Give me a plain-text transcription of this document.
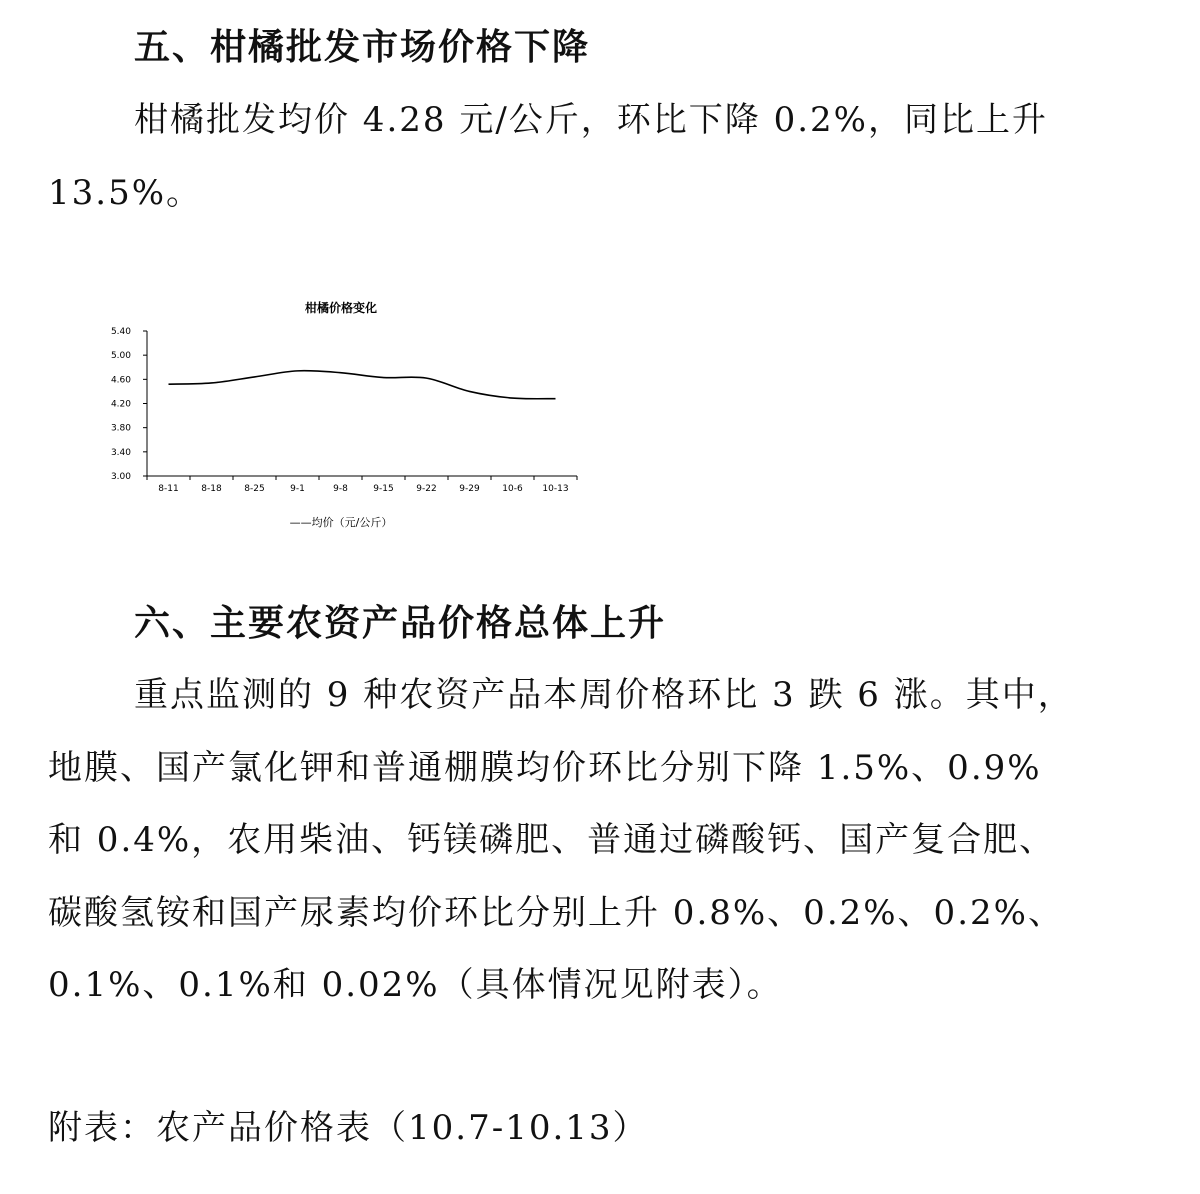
五、柑橘批发市场价格下降

柑橘批发均价 4.28 元/公斤，环比下降 0.2%，同比上升

13.5%。

柑橘价格变化
3.00
3.40
3.80
4.20
4.60
5.00
5.40
8-11	8-18	8-25	9-1	9-8	9-15	9-22	9-29	10-6 10-13
——均价（元/公斤）
六、主要农资产品价格总体上升

重点监测的 9 种农资产品本周价格环比 3 跌 6 涨。其中，

地膜、国产氯化钾和普通棚膜均价环比分别下降 1.5%、0.9%

和 0.4%，农用柴油、钙镁磷肥、普通过磷酸钙、国产复合肥、

碳酸氢铵和国产尿素均价环比分别上升 0.8%、0.2%、0.2%、

0.1%、0.1%和 0.02%（具体情况见附表）。

附表：农产品价格表（10.7-10.13）
